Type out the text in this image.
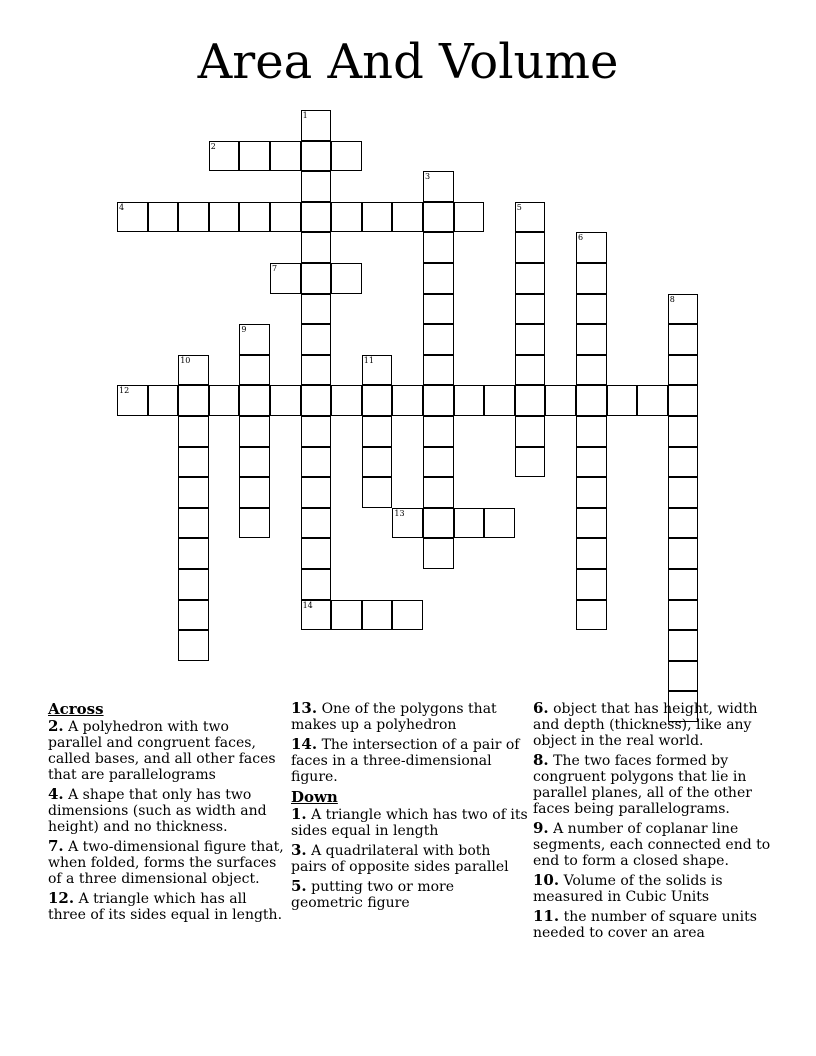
Area And Volume
1
14
2
3
4	5
6
7
8
9
10	11
12
13
Across
2. A polyhedron with two parallel and congruent faces, called bases, and all other faces that are parallelograms
4. A shape that only has two dimensions (such as width and height) and no thickness.
7. A two-dimensional figure that, when folded, forms the surfaces of a three dimensional object.
12. A triangle which has all three of its sides equal in length.
13. One of the polygons that makes up a polyhedron
14. The intersection of a pair of faces in a three-dimensional figure.
Down
1. A triangle which has two of its sides equal in length
3. A quadrilateral with both pairs of opposite sides parallel
5. putting two or more geometric figure
6. object that has height, width and depth (thickness), like any object in the real world.
8. The two faces formed by congruent polygons that lie in parallel planes, all of the other faces being parallelograms.
9. A number of coplanar line segments, each connected end to end to form a closed shape.
10. Volume of the solids is measured in Cubic Units
11. the number of square units needed to cover an area
